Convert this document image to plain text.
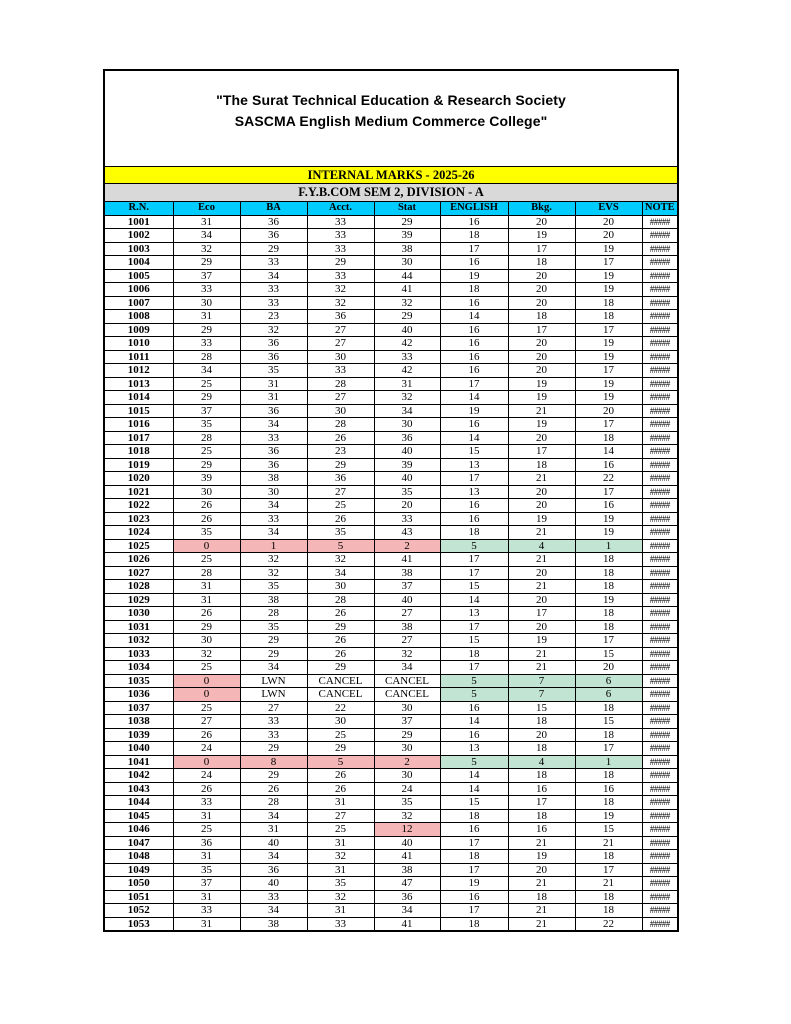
"The Surat Technical Education & Research Society
SASCMA English Medium Commerce College"
INTERNAL MARKS - 2025-26
F.Y.B.COM SEM 2, DIVISION - A
R.N.	Eco	BA	Acct.	Stat	ENGLISH	Bkg.	EVS	NOTE
1001	31	36	33	29	16	20	20	#####
1002	34	36	33	39	18	19	20	#####
1003	32	29	33	38	17	17	19	#####
1004	29	33	29	30	16	18	17	#####
1005	37	34	33	44	19	20	19	#####
1006	33	33	32	41	18	20	19	#####
1007	30	33	32	32	16	20	18	#####
1008	31	23	36	29	14	18	18	#####
1009	29	32	27	40	16	17	17	#####
1010	33	36	27	42	16	20	19	#####
1011	28	36	30	33	16	20	19	#####
1012	34	35	33	42	16	20	17	#####
1013	25	31	28	31	17	19	19	#####
1014	29	31	27	32	14	19	19	#####
1015	37	36	30	34	19	21	20	#####
1016	35	34	28	30	16	19	17	#####
1017	28	33	26	36	14	20	18	#####
1018	25	36	23	40	15	17	14	#####
1019	29	36	29	39	13	18	16	#####
1020	39	38	36	40	17	21	22	#####
1021	30	30	27	35	13	20	17	#####
1022	26	34	25	20	16	20	16	#####
1023	26	33	26	33	16	19	19	#####
1024	35	34	35	43	18	21	19	#####
1025	0	1	5	2	5	4	1	#####
1026	25	32	32	41	17	21	18	#####
1027	28	32	34	38	17	20	18	#####
1028	31	35	30	37	15	21	18	#####
1029	31	38	28	40	14	20	19	#####
1030	26	28	26	27	13	17	18	#####
1031	29	35	29	38	17	20	18	#####
1032	30	29	26	27	15	19	17	#####
1033	32	29	26	32	18	21	15	#####
1034	25	34	29	34	17	21	20	#####
1035	0	LWN	CANCEL	CANCEL	5	7	6	#####
1036	0	LWN	CANCEL	CANCEL	5	7	6	#####
1037	25	27	22	30	16	15	18	#####
1038	27	33	30	37	14	18	15	#####
1039	26	33	25	29	16	20	18	#####
1040	24	29	29	30	13	18	17	#####
1041	0	8	5	2	5	4	1	#####
1042	24	29	26	30	14	18	18	#####
1043	26	26	26	24	14	16	16	#####
1044	33	28	31	35	15	17	18	#####
1045	31	34	27	32	18	18	19	#####
1046	25	31	25	12	16	16	15	#####
1047	36	40	31	40	17	21	21	#####
1048	31	34	32	41	18	19	18	#####
1049	35	36	31	38	17	20	17	#####
1050	37	40	35	47	19	21	21	#####
1051	31	33	32	36	16	18	18	#####
1052	33	34	31	34	17	21	18	#####
1053	31	38	33	41	18	21	22	#####
